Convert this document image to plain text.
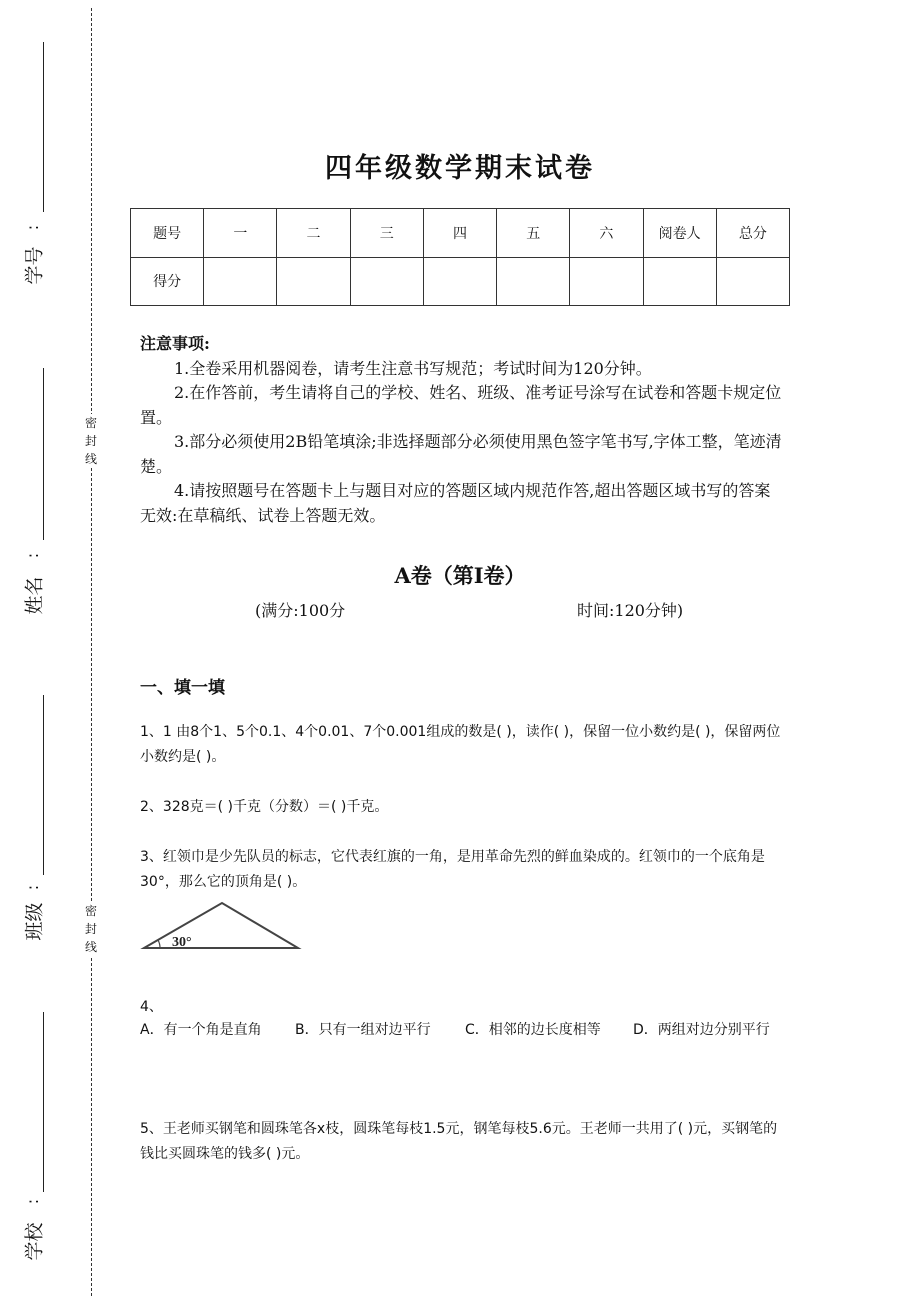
密
封
线
密
封
线
:
学号
:
姓名
:
班级
:
学校
四年级数学期末试卷
题号	一	二	三	四	五	六	阅卷人	总分
得分								
注意事项:
1.全卷采用机器阅卷，请考生注意书写规范；考试时间为120分钟。
2.在作答前，考生请将自己的学校、姓名、班级、准考证号涂写在试卷和答题卡规定位置。
3.部分必须使用2B铅笔填涂;非选择题部分必须使用黑色签字笔书写,字体工整，笔迹清楚。
4.请按照题号在答题卡上与题目对应的答题区域内规范作答,超出答题区域书写的答案无效:在草稿纸、试卷上答题无效。
A卷（第I卷）
(满分:100分	时间:120分钟)
一、填一填
1、1 由8个1、5个0.1、4个0.01、7个0.001组成的数是( )，读作( )，保留一位小数约是( )，保留两位小数约是( )。
2、328克＝( )千克（分数）＝( )千克。
3、红领巾是少先队员的标志，它代表红旗的一角，是用革命先烈的鲜血染成的。红领巾的一个底角是30°，那么它的顶角是( )。
30°
4、
A．有一个角是直角 B．只有一组对边平行 C．相邻的边长度相等 D．两组对边分别平行
5、王老师买钢笔和圆珠笔各x枝，圆珠笔每枝1.5元，钢笔每枝5.6元。王老师一共用了( )元，买钢笔的钱比买圆珠笔的钱多( )元。
